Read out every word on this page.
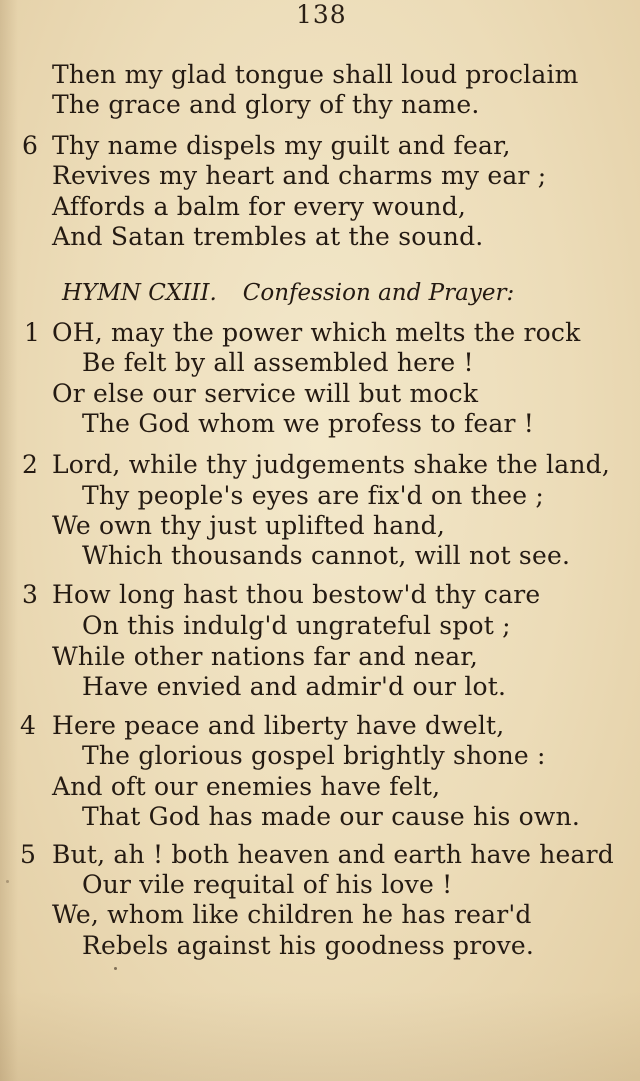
138
Then my glad tongue shall loud proclaim
The grace and glory of thy name.
6 Thy name dispels my guilt and fear,
Revives my heart and charms my ear ;
Affords a balm for every wound,
And Satan trembles at the sound.
HYMN CXIII. Confession and Prayer:
1 OH, may the power which melts the rock
Be felt by all assembled here !
Or else our service will but mock
The God whom we profess to fear !
2 Lord, while thy judgements shake the land,
Thy people's eyes are fix'd on thee ;
We own thy just uplifted hand,
Which thousands cannot, will not see.
3 How long hast thou bestow'd thy care
On this indulg'd ungrateful spot ;
While other nations far and near,
Have envied and admir'd our lot.
4 Here peace and liberty have dwelt,
The glorious gospel brightly shone :
And oft our enemies have felt,
That God has made our cause his own.
5 But, ah ! both heaven and earth have heard
Our vile requital of his love !
We, whom like children he has rear'd
Rebels against his goodness prove.
